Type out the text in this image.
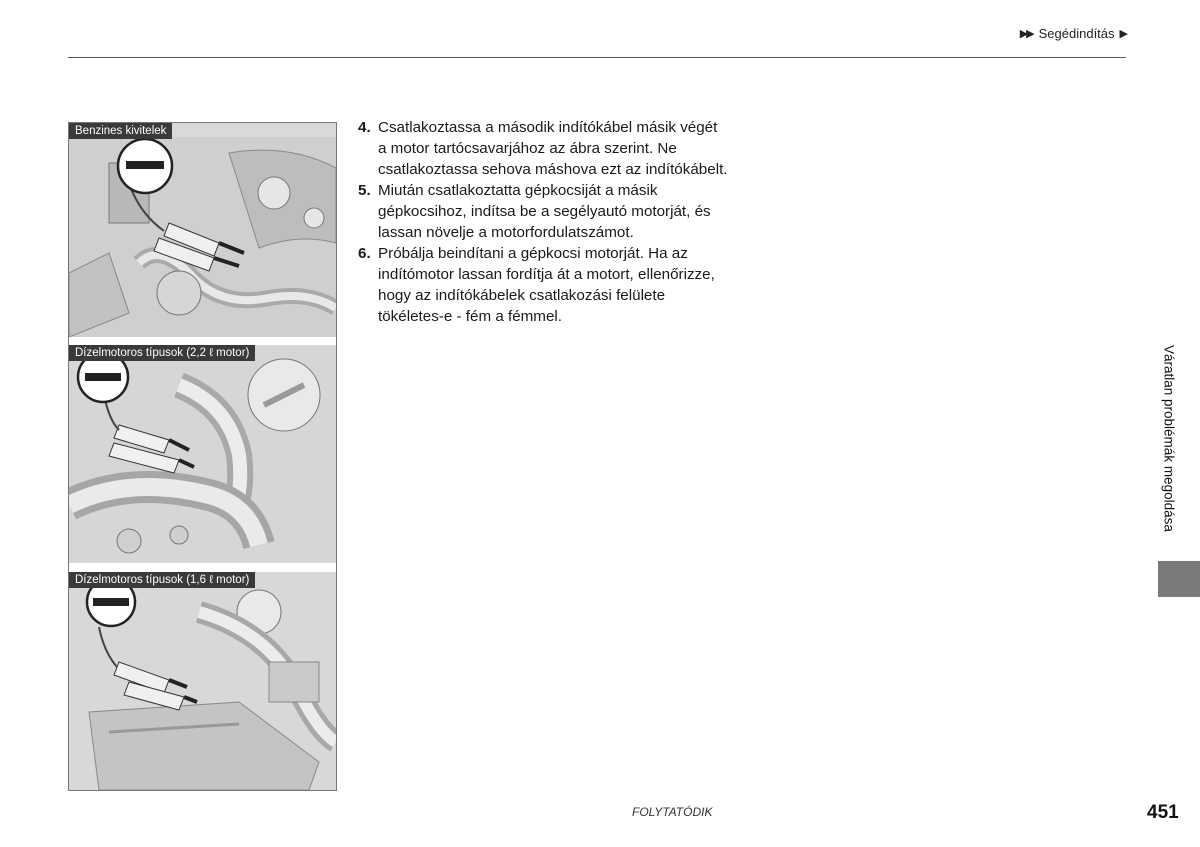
▶▶ Segédindítás ▶
Benzines kivitelek
Dízelmotoros típusok (2,2 ℓ motor)
Dízelmotoros típusok (1,6 ℓ motor)
4. Csatlakoztassa a második indítókábel másik végét a motor tartócsavarjához az ábra szerint. Ne csatlakoztassa sehova máshova ezt az indítókábelt.
5. Miután csatlakoztatta gépkocsiját a másik gépkocsihoz, indítsa be a segélyautó motorját, és lassan növelje a motorfordulatszámot.
6. Próbálja beindítani a gépkocsi motorját. Ha az indítómotor lassan fordítja át a motort, ellenőrizze, hogy az indítókábelek csatlakozási felülete tökéletes-e - fém a fémmel.
Váratlan problémák megoldása
FOLYTATÓDIK	451
